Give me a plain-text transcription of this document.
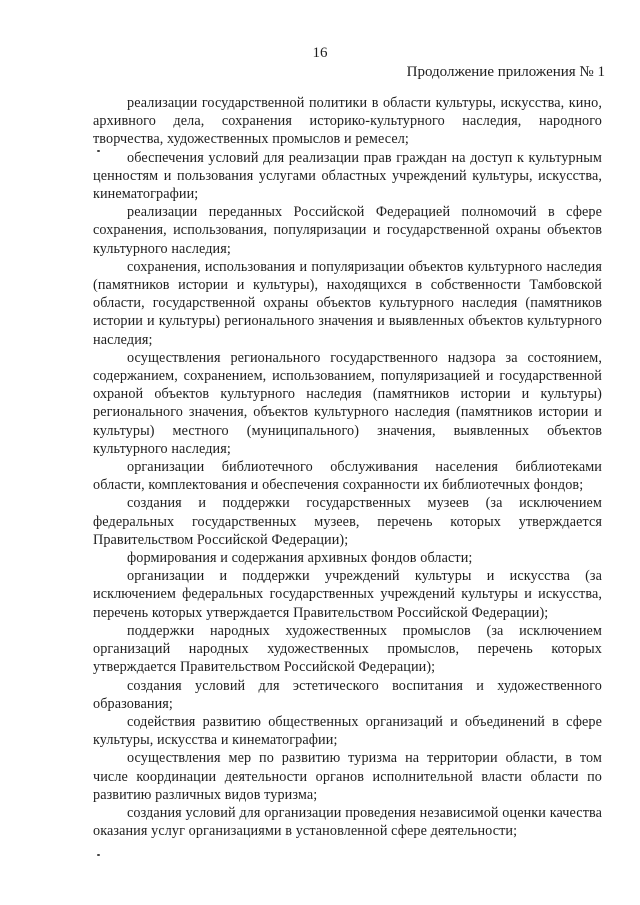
16
Продолжение приложения № 1

реализации государственной политики в области культуры, искусства, кино, архивного дела, сохранения историко-культурного наследия, народного творчества, художественных промыслов и ремесел;

обеспечения условий для реализации прав граждан на доступ к культурным ценностям и пользования услугами областных учреждений культуры, искусства, кинематографии;

реализации переданных Российской Федерацией полномочий в сфере сохранения, использования, популяризации и государственной охраны объектов культурного наследия;

сохранения, использования и популяризации объектов культурного наследия (памятников истории и культуры), находящихся в собственности Тамбовской области, государственной охраны объектов культурного наследия (памятников истории и культуры) регионального значения и выявленных объектов культурного наследия;

осуществления регионального государственного надзора за состоянием, содержанием, сохранением, использованием, популяризацией и государственной охраной объектов культурного наследия (памятников истории и культуры) регионального значения, объектов культурного наследия (памятников истории и культуры) местного (муниципального) значения, выявленных объектов культурного наследия;

организации библиотечного обслуживания населения библиотеками области, комплектования и обеспечения сохранности их библиотечных фондов;

создания и поддержки государственных музеев (за исключением федеральных государственных музеев, перечень которых утверждается Правительством Российской Федерации);

формирования и содержания архивных фондов области;

организации и поддержки учреждений культуры и искусства (за исключением федеральных государственных учреждений культуры и искусства, перечень которых утверждается Правительством Российской Федерации);

поддержки народных художественных промыслов (за исключением организаций народных художественных промыслов, перечень которых утверждается Правительством Российской Федерации);

создания условий для эстетического воспитания и художественного образования;

содействия развитию общественных организаций и объединений в сфере культуры, искусства и кинематографии;

осуществления мер по развитию туризма на территории области, в том числе координации деятельности органов исполнительной власти области по развитию различных видов туризма;

создания условий для организации проведения независимой оценки качества оказания услуг организациями в установленной сфере деятельности;
